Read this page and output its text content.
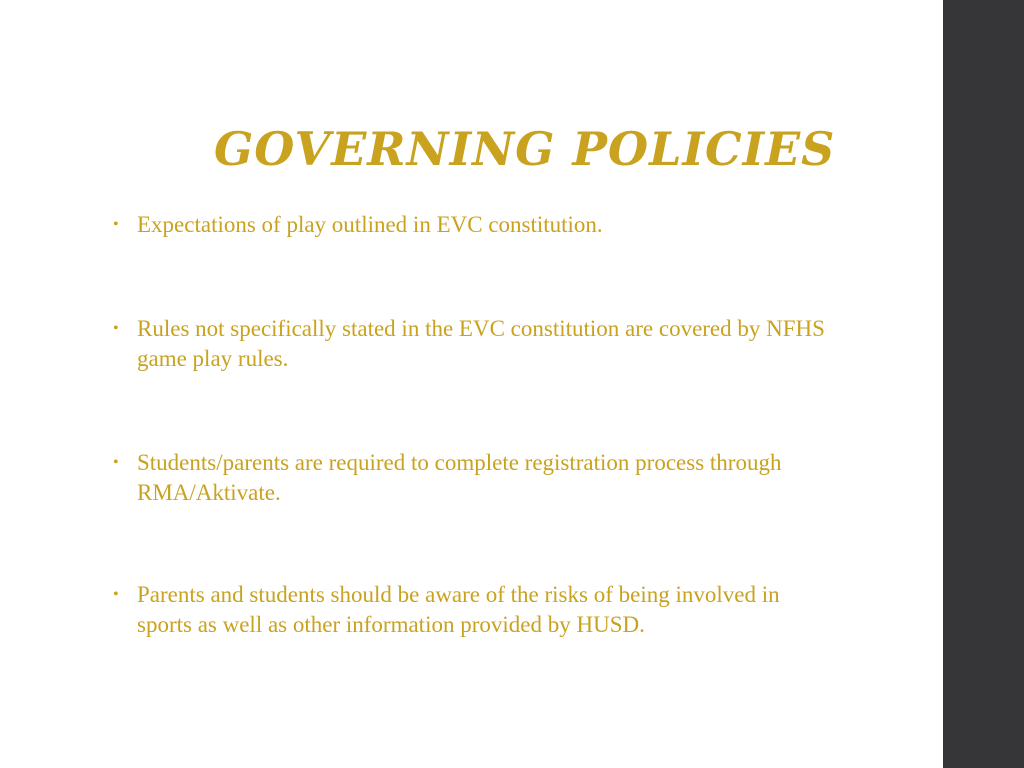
GOVERNING POLICIES
• Expectations of play outlined in EVC constitution.
• Rules not specifically stated in the EVC constitution are covered by NFHS game play rules.
• Students/parents are required to complete registration process through RMA/Aktivate.
• Parents and students should be aware of the risks of being involved in sports as well as other information provided by HUSD.
